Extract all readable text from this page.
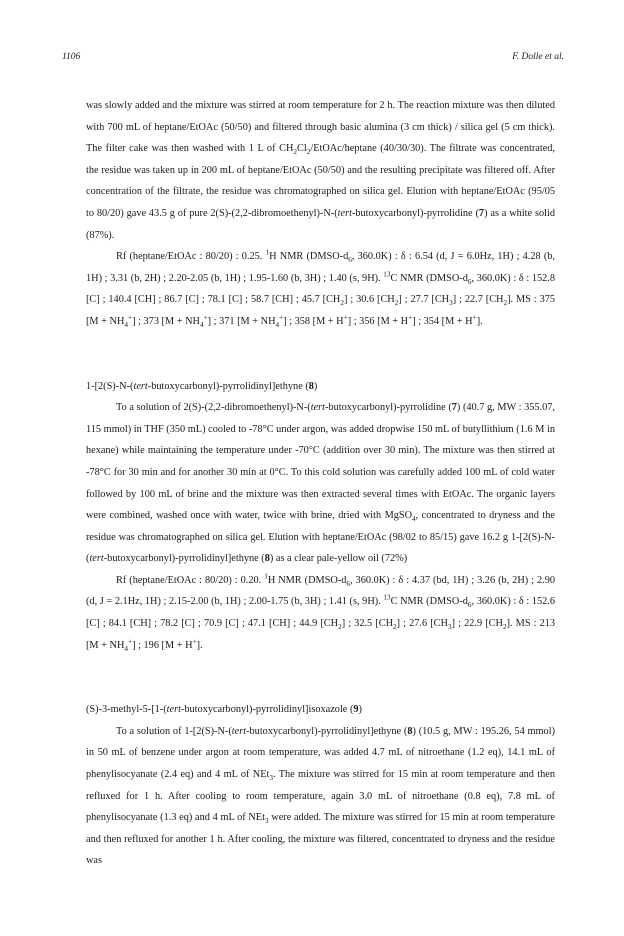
1106	F. Dolle et al.

was slowly added and the mixture was stirred at room temperature for 2 h. The reaction mixture was then diluted with 700 mL of heptane/EtOAc (50/50) and filtered through basic alumina (3 cm thick) / silica gel (5 cm thick). The filter cake was then washed with 1 L of $CH_2Cl_2/EtOAc$/heptane (40/30/30). The filtrate was concentrated, the residue was taken up in 200 mL of heptane/EtOAc (50/50) and the resulting precipitate was filtered off. After concentration of the filtrate, the residue was chromatographed on silica gel. Elution with heptane/EtOAc (95/05 to 80/20) gave 43.5 g of pure 2(S)-(2,2-dibromoethenyl)-N-(tert-butoxycarbonyl)-pyrrolidine (7) as a white solid (87%).

Rf (heptane/EtOAc : 80/20) : 0.25. $^1$H NMR ($DMSO-d_6$, 360.0K) : δ : 6.54 (d, J = 6.0Hz, 1H) ; 4.28 (b, 1H) ; 3.31 (b, 2H) ; 2.20-2.05 (b, 1H) ; 1.95-1.60 (b, 3H) ; 1.40 (s, 9H). $^{13}$C NMR ($DMSO-d_6$, 360.0K) : δ : 152.8 [C] ; 140.4 [CH] ; 86.7 [C] ; 78.1 [C] ; 58.7 [CH] ; 45.7 $[CH_2]$ ; 30.6 $[CH_2]$ ; 27.7 $[CH_3]$ ; 22.7 $[CH_2]$. MS : 375 $[M + NH_4^+]$ ; 373 $[M + NH_4^+]$ ; 371 $[M + NH_4^+]$ ; 358 [M + H+] ; 356 [M + H+] ; 354 [M + H+].

1-[2(S)-N-(tert-butoxycarbonyl)-pyrrolidinyl]ethyne (8)

To a solution of 2(S)-(2,2-dibromoethenyl)-N-(tert-butoxycarbonyl)-pyrrolidine (7) (40.7 g, MW : 355.07, 115 mmol) in THF (350 mL) cooled to -78°C under argon, was added dropwise 150 mL of butyllithium (1.6 M in hexane) while maintaining the temperature under -70°C (addition over 30 min). The mixture was then stirred at -78°C for 30 min and for another 30 min at 0°C. To this cold solution was carefully added 100 mL of cold water followed by 100 mL of brine and the mixture was then extracted several times with EtOAc. The organic layers were combined, washed once with water, twice with brine, dried with MgSO$_4$, concentrated to dryness and the residue was chromatographed on silica gel. Elution with heptane/EtOAc (98/02 to 85/15) gave 16.2 g 1-[2(S)-N-(tert-butoxycarbonyl)-pyrrolidinyl]ethyne (8) as a clear pale-yellow oil (72%)

Rf (heptane/EtOAc : 80/20) : 0.20. $^1$H NMR ($DMSO-d_6$, 360.0K) : δ : 4.37 (bd, 1H) ; 3.26 (b, 2H) ; 2.90 (d, J = 2.1Hz, 1H) ; 2.15-2.00 (b, 1H) ; 2.00-1.75 (b, 3H) ; 1.41 (s, 9H). $^{13}$C NMR ($DMSO-d_6$, 360.0K) : δ : 152.6 [C] ; 84.1 [CH] ; 78.2 [C] ; 70.9 [C] ; 47.1 [CH] ; 44.9 $[CH_2]$ ; 32.5 $[CH_2]$ ; 27.6 $[CH_3]$ ; 22.9 $[CH_2]$. MS : 213 $[M + NH_4^+]$ ; 196 [M + H+].

(S)-3-methyl-5-[1-(tert-butoxycarbonyl)-pyrrolidinyl]isoxazole (9)

To a solution of 1-[2(S)-N-(tert-butoxycarbonyl)-pyrrolidinyl]ethyne (8) (10.5 g, MW : 195.26, 54 mmol) in 50 mL of benzene under argon at room temperature, was added 4.7 mL of nitroethane (1.2 eq), 14.1 mL of phenylisocyanate (2.4 eq) and 4 mL of NEt$_3$. The mixture was stirred for 15 min at room temperature and then refluxed for 1 h. After cooling to room temperature, again 3.0 mL of nitroethane (0.8 eq), 7.8 mL of phenylisocyanate (1.3 eq) and 4 mL of NEt$_3$ were added. The mixture was stirred for 15 min at room temperature and then refluxed for another 1 h. After cooling, the mixture was filtered, concentrated to dryness and the residue was
